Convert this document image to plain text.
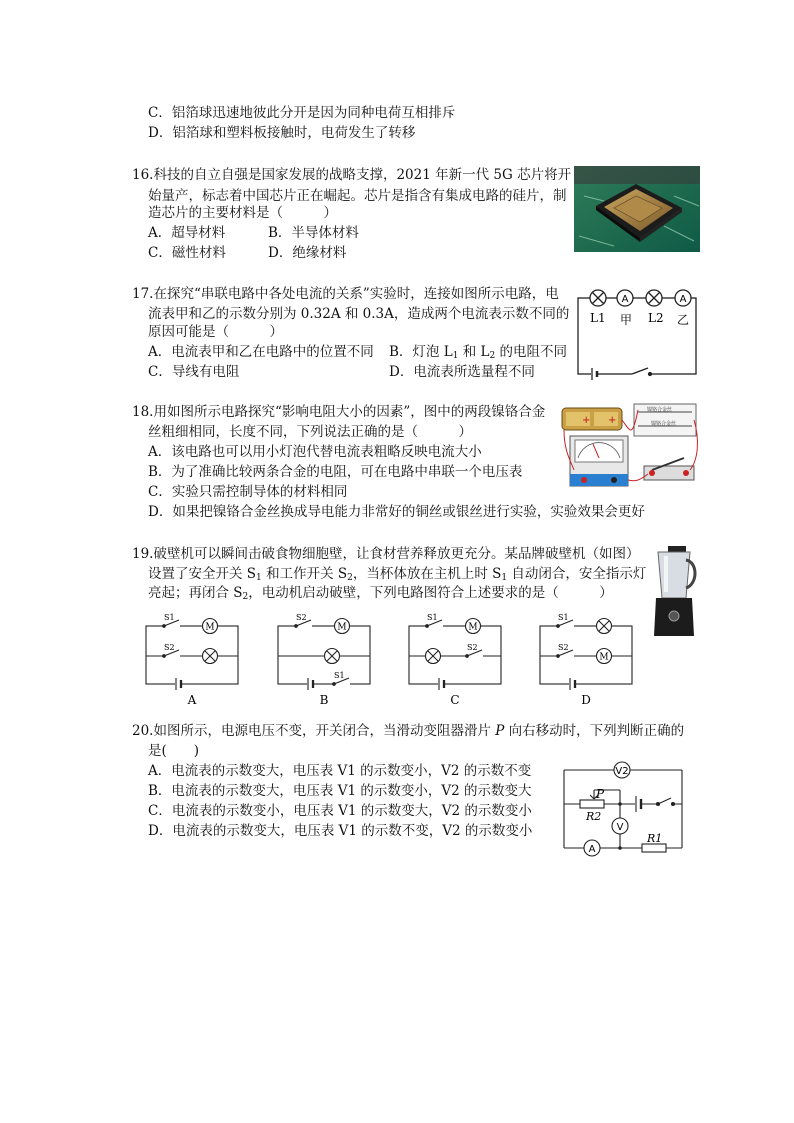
C．铝箔球迅速地彼此分开是因为同种电荷互相排斥
D．铝箔球和塑料板接触时，电荷发生了转移
16.科技的自立自强是国家发展的战略支撑，2021 年新一代 5G 芯片将开
始量产，标志着中国芯片正在崛起。芯片是指含有集成电路的硅片，制
造芯片的主要材料是（　　　）
A．超导材料	B．半导体材料
C．磁性材料	D．绝缘材料
17.在探究“串联电路中各处电流的关系”实验时，连接如图所示电路，电
流表甲和乙的示数分别为 0.32A 和 0.3A，造成两个电流表示数不同的
原因可能是（　　　）
A．电流表甲和乙在电路中的位置不同 B．灯泡 $L_1$ 和 $L_2$ 的电阻不同
C．导线有电阻	D．电流表所选量程不同
A	A
L1 甲 L2 乙
18.用如图所示电路探究“影响电阻大小的因素”，图中的两段镍铬合金
丝粗细相同，长度不同，下列说法正确的是（　　　）
A．该电路也可以用小灯泡代替电流表粗略反映电流大小
B．为了准确比较两条合金的电阻，可在电路中串联一个电压表
C．实验只需控制导体的材料相同
D．如果把镍铬合金丝换成导电能力非常好的铜丝或银丝进行实验，实验效果会更好
+ +
镍铬合金丝
镍铬合金丝
19.破壁机可以瞬间击破食物细胞壁，让食材营养释放更充分。某品牌破壁机（如图）
设置了安全开关 $S_1$ 和工作开关 $S_2$，当杯体放在主机上时 $S_1$ 自动闭合，安全指示灯
亮起；再闭合 $S_2$，电动机启动破壁，下列电路图符合上述要求的是（　　　）
M
S1
S2
A
M
S2
S1
B
M
S1
S2
C
M
S1
S2
D
20.如图所示，电源电压不变，开关闭合，当滑动变阻器滑片 P 向右移动时，下列判断正确的
是(　　)
A．电流表的示数变大，电压表 V1 的示数变小，V2 的示数不变
B．电流表的示数变大，电压表 V1 的示数变小，V2 的示数变大
C．电流表的示数变小，电压表 V1 的示数变大，V2 的示数变小
D．电流表的示数变大，电压表 V1 的示数不变，V2 的示数变小
V2
V
A
P
R2
R1
